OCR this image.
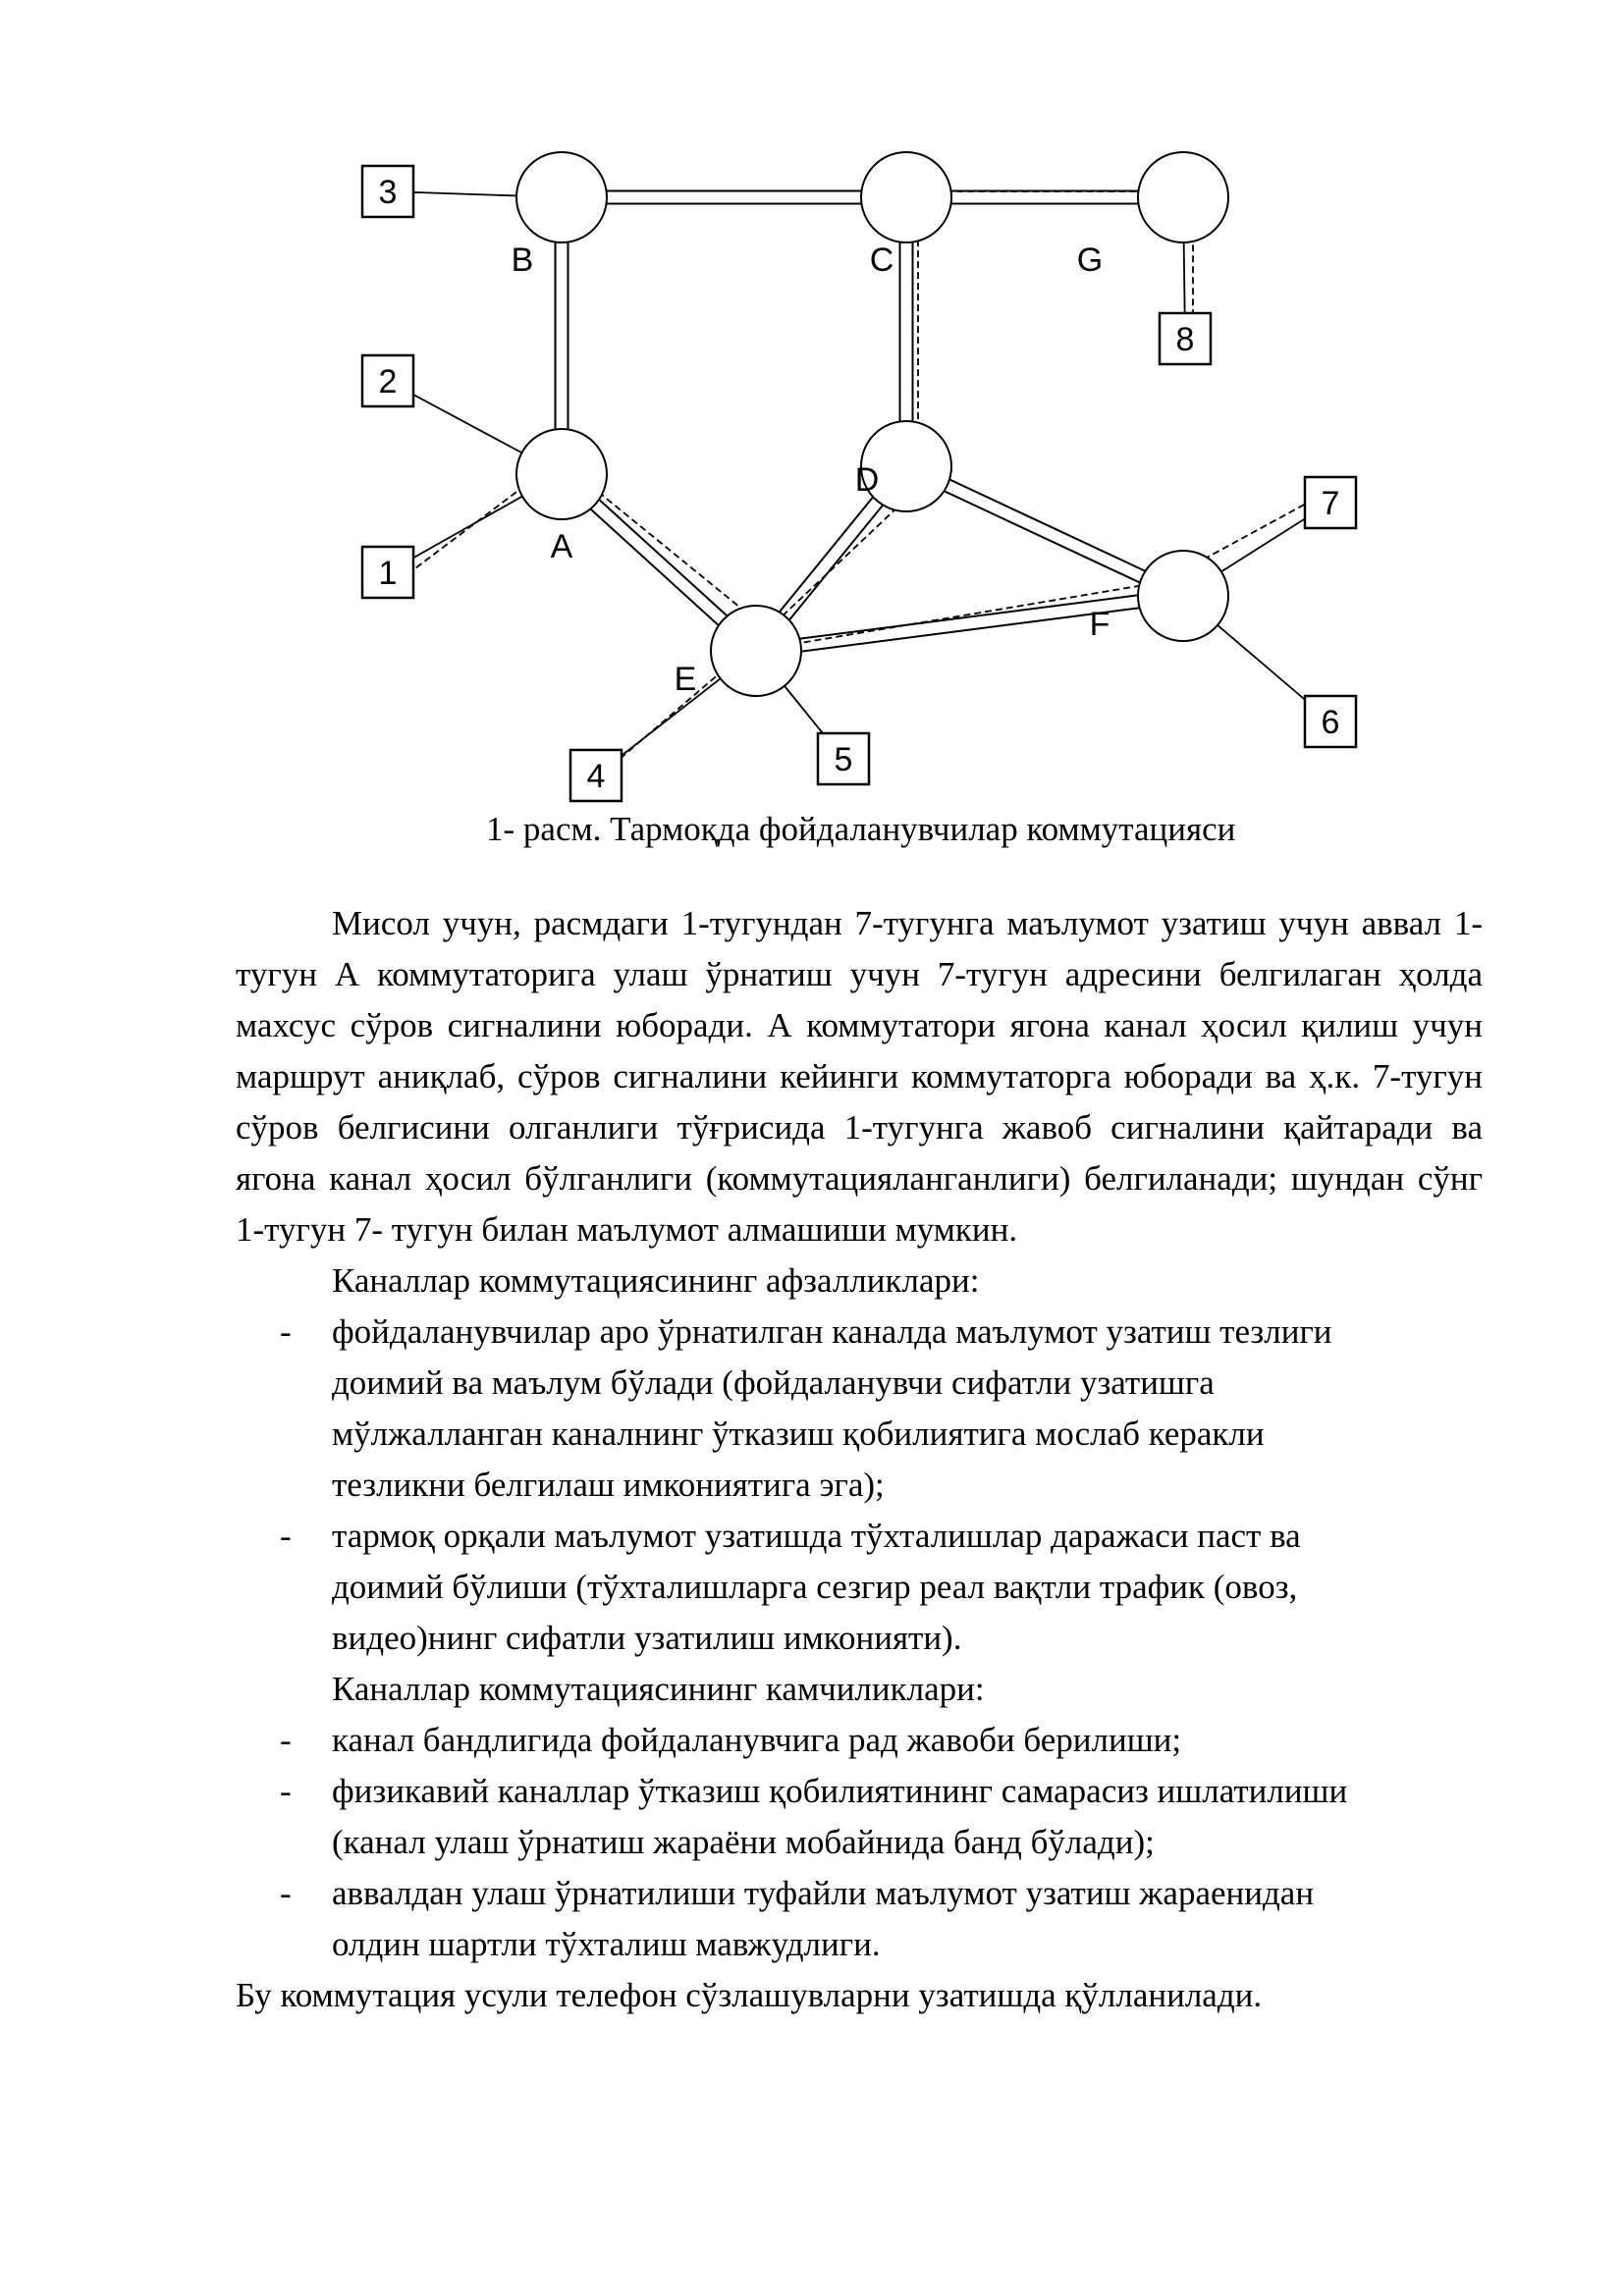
1
2
3
4	5
6
7
8
A
B	C
D
E
F
G
1- расм. Тармоқда фойдаланувчилар коммутацияси

Мисол учун, расмдаги 1-тугундан 7-тугунга маълумот узатиш учун аввал 1-тугун А коммутаторига улаш ўрнатиш учун 7-тугун адресини белгилаган ҳолда махсус сўров сигналини юборади. А коммутатори ягона канал ҳосил қилиш учун маршрут аниқлаб, сўров сигналини кейинги коммутаторга юборади ва ҳ.к. 7-тугун сўров белгисини олганлиги тўғрисида 1-тугунга жавоб сигналини қайтаради ва ягона канал ҳосил бўлганлиги (коммутацияланганлиги) белгиланади; шундан сўнг 1-тугун 7- тугун билан маълумот алмашиши мумкин.

Каналлар коммутациясининг афзалликлари:

- фойдаланувчилар аро ўрнатилган каналда маълумот узатиш тезлиги
доимий ва маълум бўлади (фойдаланувчи сифатли узатишга
мўлжалланган каналнинг ўтказиш қобилиятига мослаб керакли
тезликни белгилаш имкониятига эга);
- тармоқ орқали маълумот узатишда тўхталишлар даражаси паст ва
доимий бўлиши (тўхталишларга сезгир реал вақтли трафик (овоз,
видео)нинг сифатли узатилиш имконияти).

Каналлар коммутациясининг камчиликлари:

- канал бандлигида фойдаланувчига рад жавоби берилиши;
- физикавий каналлар ўтказиш қобилиятининг самарасиз ишлатилиши
(канал улаш ўрнатиш жараёни мобайнида банд бўлади);
- аввалдан улаш ўрнатилиши туфайли маълумот узатиш жараенидан
олдин шартли тўхталиш мавжудлиги.

Бу коммутация усули телефон сўзлашувларни узатишда қўлланилади.
